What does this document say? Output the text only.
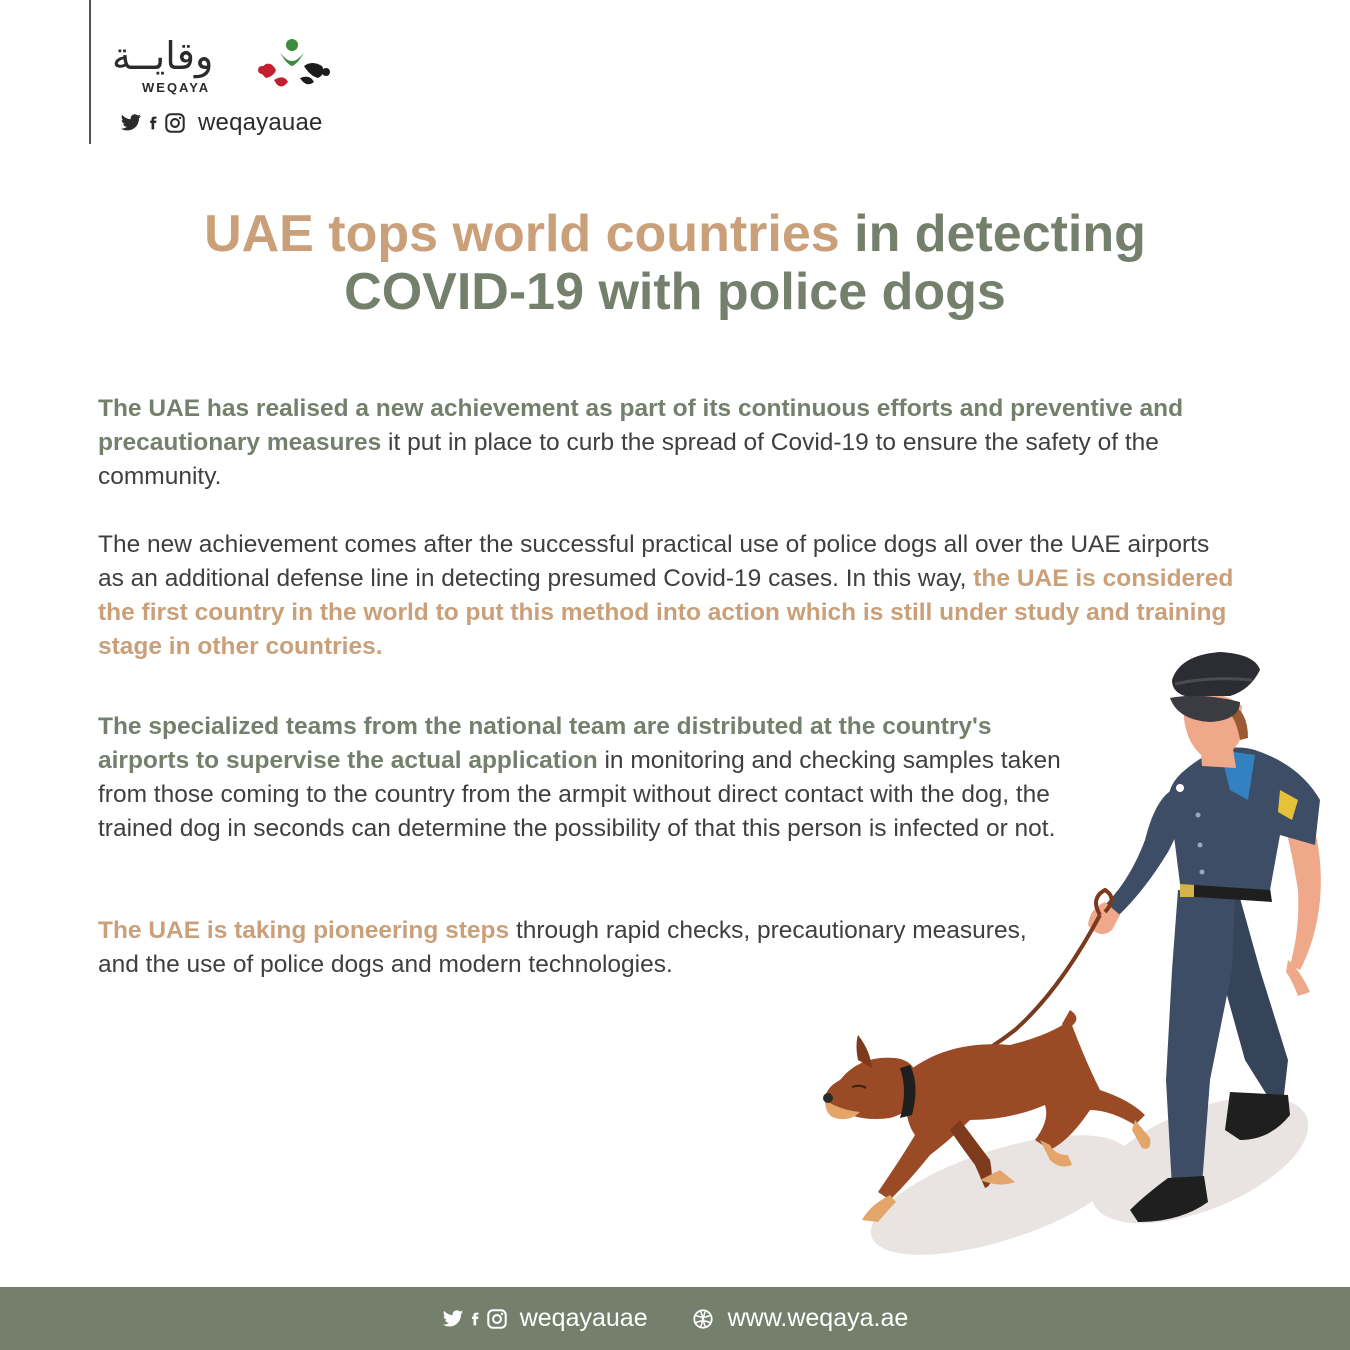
وقايــة
WEQAYA
weqayauae
UAE tops world countries in detecting
COVID-19 with police dogs

The UAE has realised a new achievement as part of its continuous efforts and preventive and precautionary measures it put in place to curb the spread of Covid-19 to ensure the safety of the community.

The new achievement comes after the successful practical use of police dogs all over the UAE airports as an additional defense line in detecting presumed Covid-19 cases. In this way, the UAE is considered the first country in the world to put this method into action which is still under study and training stage in other countries.

The specialized teams from the national team are distributed at the country's airports to supervise the actual application in monitoring and checking samples taken from those coming to the country from the armpit without direct contact with the dog, the trained dog in seconds can determine the possibility of that this person is infected or not.

The UAE is taking pioneering steps through rapid checks, precautionary measures, and the use of police dogs and modern technologies.

weqayauae	www.weqaya.ae
